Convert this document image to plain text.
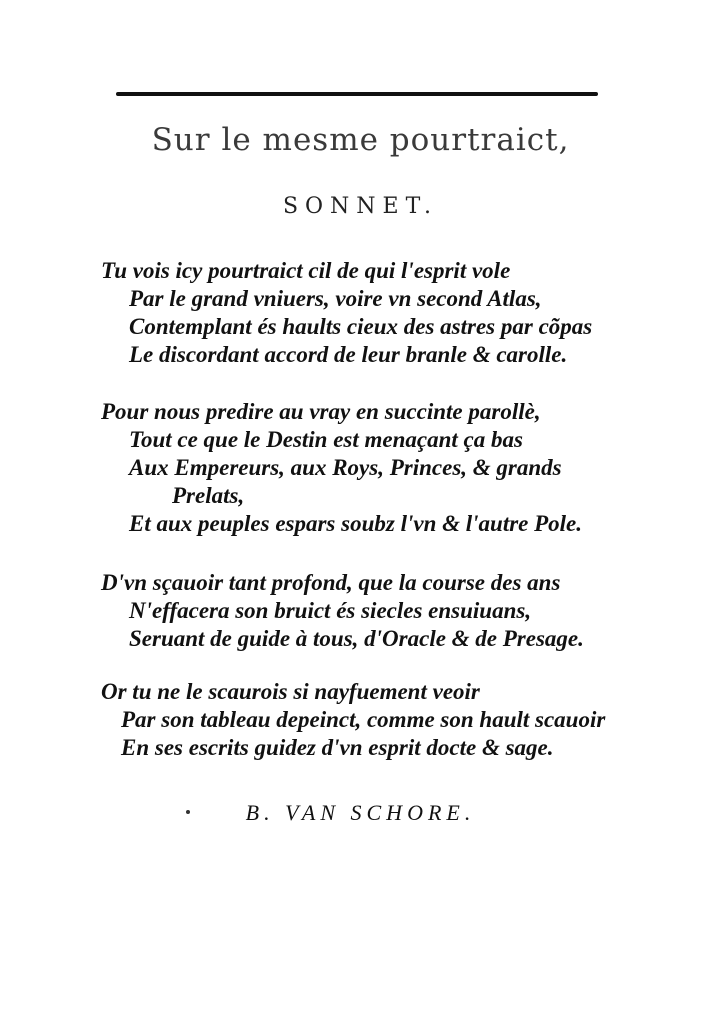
Sur le mesme pourtraict,
SONNET.
Tu vois icy pourtraict cil de qui l'esprit vole
Par le grand vniuers, voire vn second Atlas,
Contemplant és haults cieux des astres par cõpas
Le discordant accord de leur branle & carolle.
Pour nous predire au vray en succinte parollè,
Tout ce que le Destin est menaçant ça bas
Aux Empereurs, aux Roys, Princes, & grands
Prelats,
Et aux peuples espars soubz l'vn & l'autre Pole.
D'vn sçauoir tant profond, que la course des ans
N'effacera son bruict és siecles ensuiuans,
Seruant de guide à tous, d'Oracle & de Presage.
Or tu ne le scaurois si nayfuement veoir
Par son tableau depeinct, comme son hault scauoir
En ses escrits guidez d'vn esprit docte & sage.
B. VAN SCHORE.
